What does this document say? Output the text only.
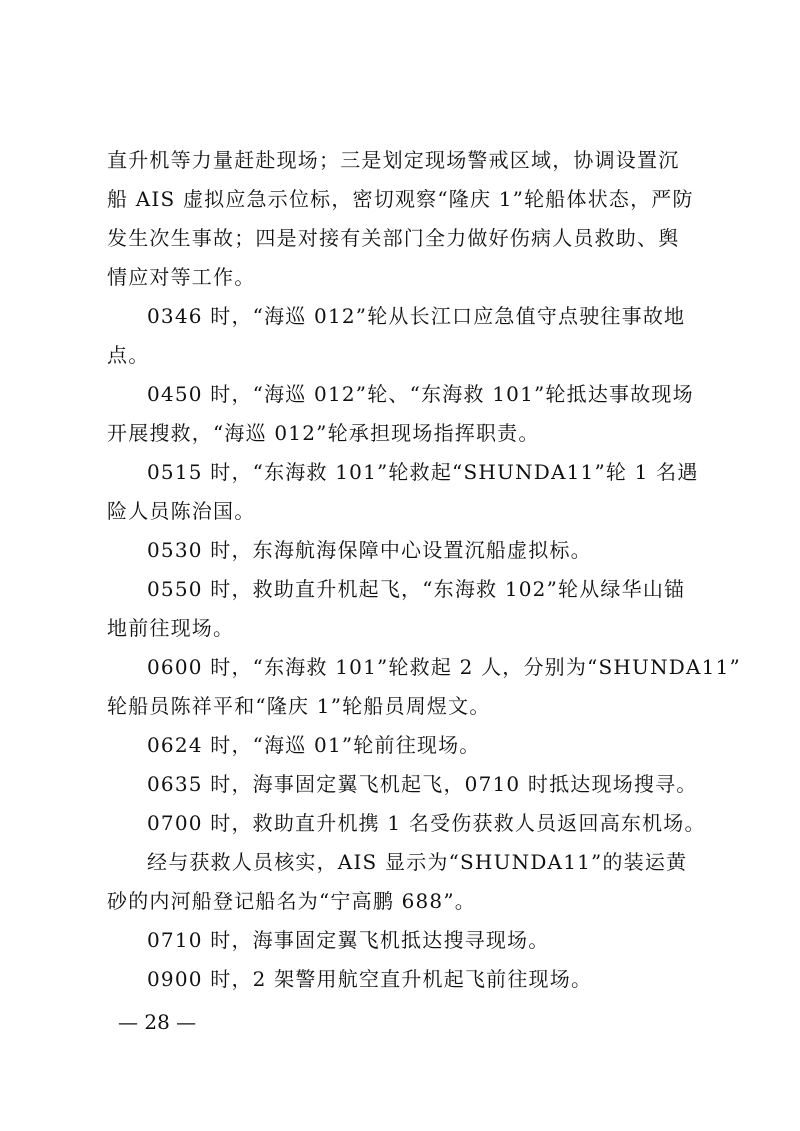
直升机等力量赶赴现场；三是划定现场警戒区域，协调设置沉
船 AIS 虚拟应急示位标，密切观察“隆庆 1”轮船体状态，严防
发生次生事故；四是对接有关部门全力做好伤病人员救助、舆
情应对等工作。
0346 时，“海巡 012”轮从长江口应急值守点驶往事故地
点。
0450 时，“海巡 012”轮、“东海救 101”轮抵达事故现场
开展搜救，“海巡 012”轮承担现场指挥职责。
0515 时，“东海救 101”轮救起“SHUNDA11”轮 1 名遇
险人员陈治国。
0530 时，东海航海保障中心设置沉船虚拟标。
0550 时，救助直升机起飞，“东海救 102”轮从绿华山锚
地前往现场。
0600 时，“东海救 101”轮救起 2 人，分别为“SHUNDA11”
轮船员陈祥平和“隆庆 1”轮船员周煜文。
0624 时，“海巡 01”轮前往现场。
0635 时，海事固定翼飞机起飞，0710 时抵达现场搜寻。
0700 时，救助直升机携 1 名受伤获救人员返回高东机场。
经与获救人员核实，AIS 显示为“SHUNDA11”的装运黄
砂的内河船登记船名为“宁高鹏 688”。
0710 时，海事固定翼飞机抵达搜寻现场。
0900 时，2 架警用航空直升机起飞前往现场。
— 28 —
